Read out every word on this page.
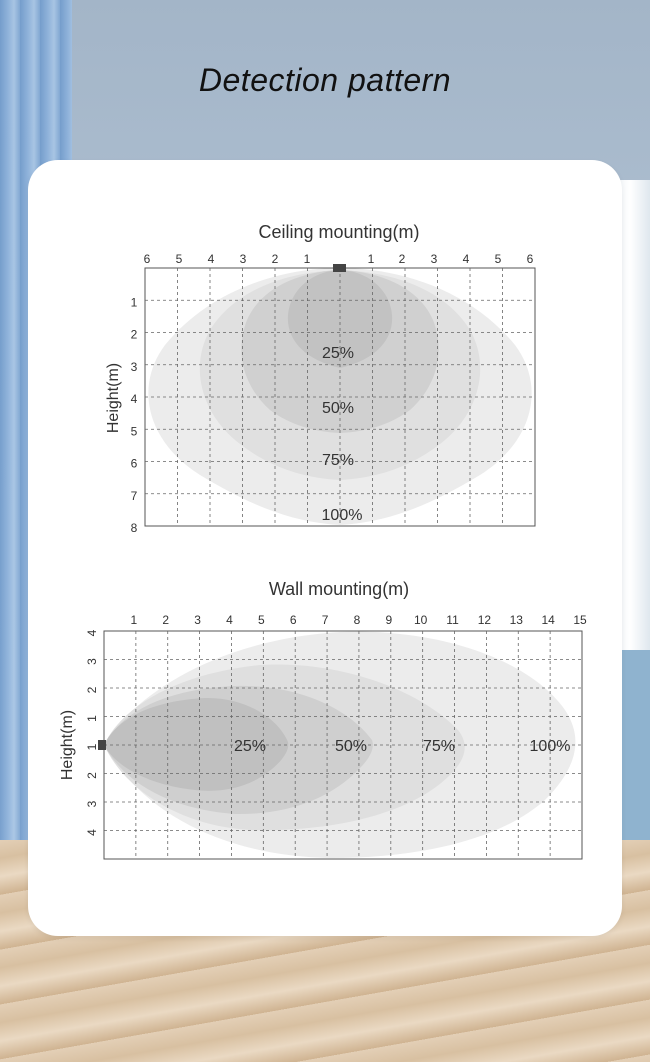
Detection pattern
Ceiling mounting(m)
6 5 4 3 2 1	1 2 3 4 5 6
1
2
3
4
5
6
7
8
Height(m)
25%
50%
75%
100%
Wall mounting(m)
1 2 3 4 5 6 7 8 9 10 11 12 13 14 15
4
3
2
1
1
2
3
4
Height(m)	25%	50%	75%	100%
